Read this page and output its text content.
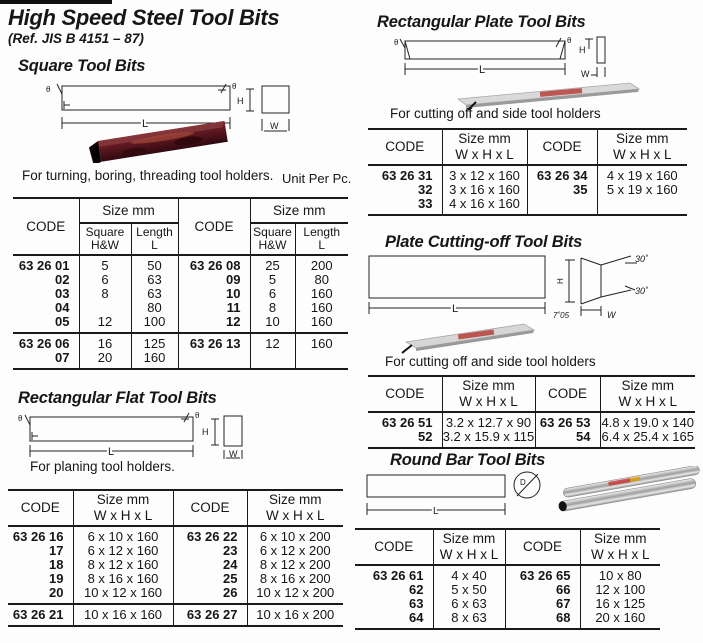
High Speed Steel Tool Bits
(Ref. JIS B 4151 – 87)
Square Tool Bits
θ	θ
L
H
W
For turning, boring, threading tool holders. Unit Per Pc.
CODE	Size mm		CODE	Size mm	
	Square
H&W	Length
L		Square
H&W	Length
L
63 26 01	5	50	63 26 08	25	200
02	6	63	09	5	80
03	8	63	10	6	160
04		80	11	8	160
05	12	100	12	10	160
63 26 06	16	125	63 26 13	12	160
07	20	160			
Rectangular Flat Tool Bits
θ	θ
L
H
W
For planing tool holders.
CODE	Size mm
W x H x L	CODE	Size mm
W x H x L
63 26 16	6 x 10 x 160	63 26 22	6 x 10 x 200
17	6 x 12 x 160	23	6 x 12 x 200
18	8 x 12 x 160	24	8 x 12 x 200
19	8 x 16 x 160	25	8 x 16 x 200
20	10 x 12 x 160	26	10 x 12 x 200
63 26 21	10 x 16 x 160	63 26 27	10 x 16 x 200
Rectangular Plate Tool Bits
θ	θ
L
H
W
For cutting off and side tool holders
CODE	Size mm
W x H x L	CODE	Size mm
W x H x L
63 26 31	3 x 12 x 160	63 26 34	4 x 19 x 160
32	3 x 16 x 160	35	5 x 19 x 160
33	4 x 16 x 160		
Plate Cutting-off Tool Bits
H
L
30˚
30˚
7˚05	W
For cutting off and side tool holders
CODE	Size mm
W x H x L	CODE	Size mm
W x H x L
63 26 51	3.2 x 12.7 x 90	63 26 53	4.8 x 19.0 x 140
52	3.2 x 15.9 x 115	54	6.4 x 25.4 x 165
Round Bar Tool Bits
L
D
CODE	Size mm
W x H x L	CODE	Size mm
W x H x L
63 26 61	4 x 40	63 26 65	10 x 80
62	5 x 50	66	12 x 100
63	6 x 63	67	16 x 125
64	8 x 63	68	20 x 160
